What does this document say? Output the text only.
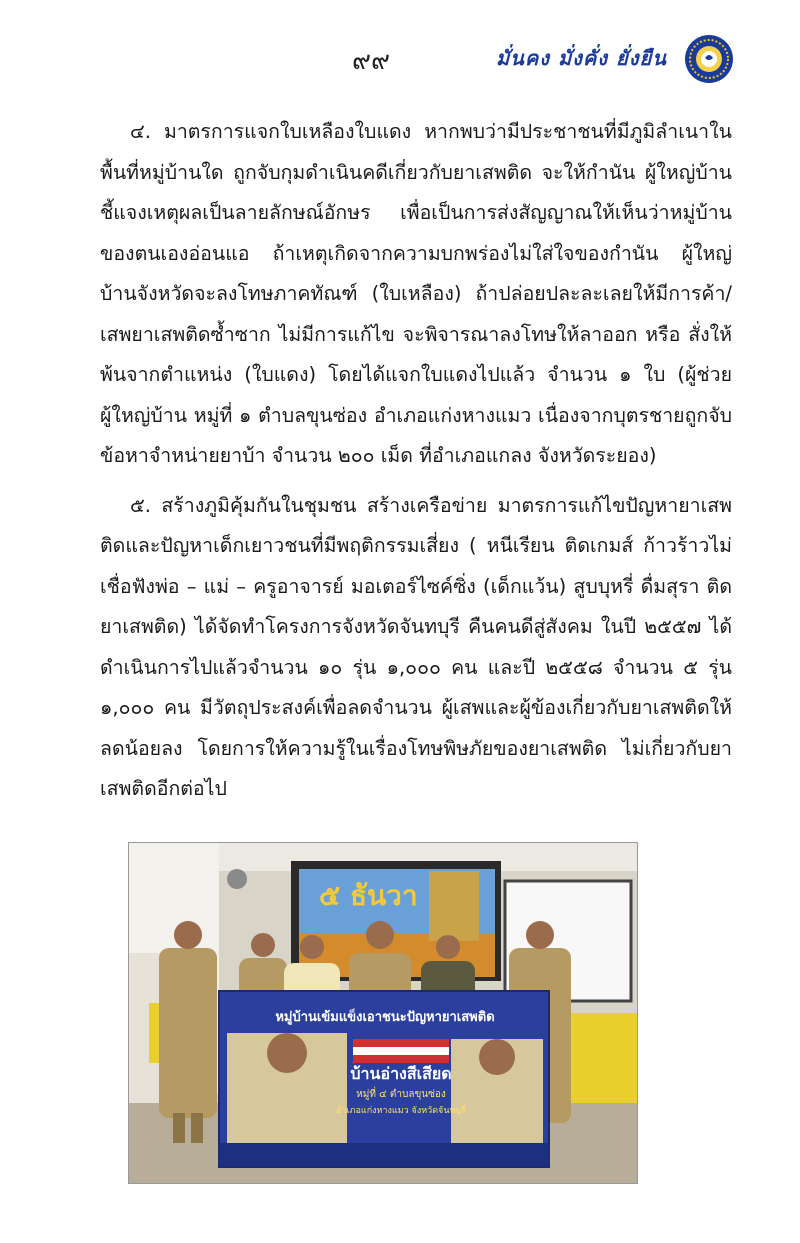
๙๙	มั่นคง มั่งคั่ง ยั่งยืน

๔. มาตรการแจกใบเหลืองใบแดง หากพบว่ามีประชาชนที่มีภูมิลำเนาในพื้นที่หมู่บ้านใด ถูกจับกุมดำเนินคดีเกี่ยวกับยาเสพติด จะให้กำนัน ผู้ใหญ่บ้าน ชี้แจงเหตุผลเป็นลายลักษณ์อักษร เพื่อเป็นการส่งสัญญาณให้เห็นว่าหมู่บ้านของตนเองอ่อนแอ ถ้าเหตุเกิดจากความบกพร่องไม่ใส่ใจของกำนัน ผู้ใหญ่บ้านจังหวัดจะลงโทษภาคทัณฑ์ (ใบเหลือง) ถ้าปล่อยปละละเลยให้มีการค้า/เสพยาเสพติดซ้ำซาก ไม่มีการแก้ไข จะพิจารณาลงโทษให้ลาออก หรือ สั่งให้พ้นจากตำแหน่ง (ใบแดง) โดยได้แจกใบแดงไปแล้ว จำนวน ๑ ใบ (ผู้ช่วยผู้ใหญ่บ้าน หมู่ที่ ๑ ตำบลขุนซ่อง อำเภอแก่งหางแมว เนื่องจากบุตรชายถูกจับข้อหาจำหน่ายยาบ้า จำนวน ๒๐๐ เม็ด ที่อำเภอแกลง จังหวัดระยอง)

๕. สร้างภูมิคุ้มกันในชุมชน สร้างเครือข่าย มาตรการแก้ไขปัญหายาเสพติดและปัญหาเด็กเยาวชนที่มีพฤติกรรมเสี่ยง ( หนีเรียน ติดเกมส์ ก้าวร้าวไม่เชื่อฟังพ่อ – แม่ – ครูอาจารย์ มอเตอร์ไซค์ซิ่ง (เด็กแว้น) สูบบุหรี่ ดื่มสุรา ติดยาเสพติด) ได้จัดทำโครงการจังหวัดจันทบุรี คืนคนดีสู่สังคม ในปี ๒๕๕๗ ได้ดำเนินการไปแล้วจำนวน ๑๐ รุ่น ๑,๐๐๐ คน และปี ๒๕๕๘ จำนวน ๕ รุ่น ๑,๐๐๐ คน มีวัตถุประสงค์เพื่อลดจำนวน ผู้เสพและผู้ข้องเกี่ยวกับยาเสพติดให้ลดน้อยลง โดยการให้ความรู้ในเรื่องโทษพิษภัยของยาเสพติด ไม่เกี่ยวกับยาเสพติดอีกต่อไป

๕ ธันวา
หมู่บ้านเข้มแข็งเอาชนะปัญหายาเสพติด
บ้านอ่างสีเสียด
หมู่ที่ ๔ ตำบลขุนซ่อง
อำเภอแก่งหางแมว จังหวัดจันทบุรี
